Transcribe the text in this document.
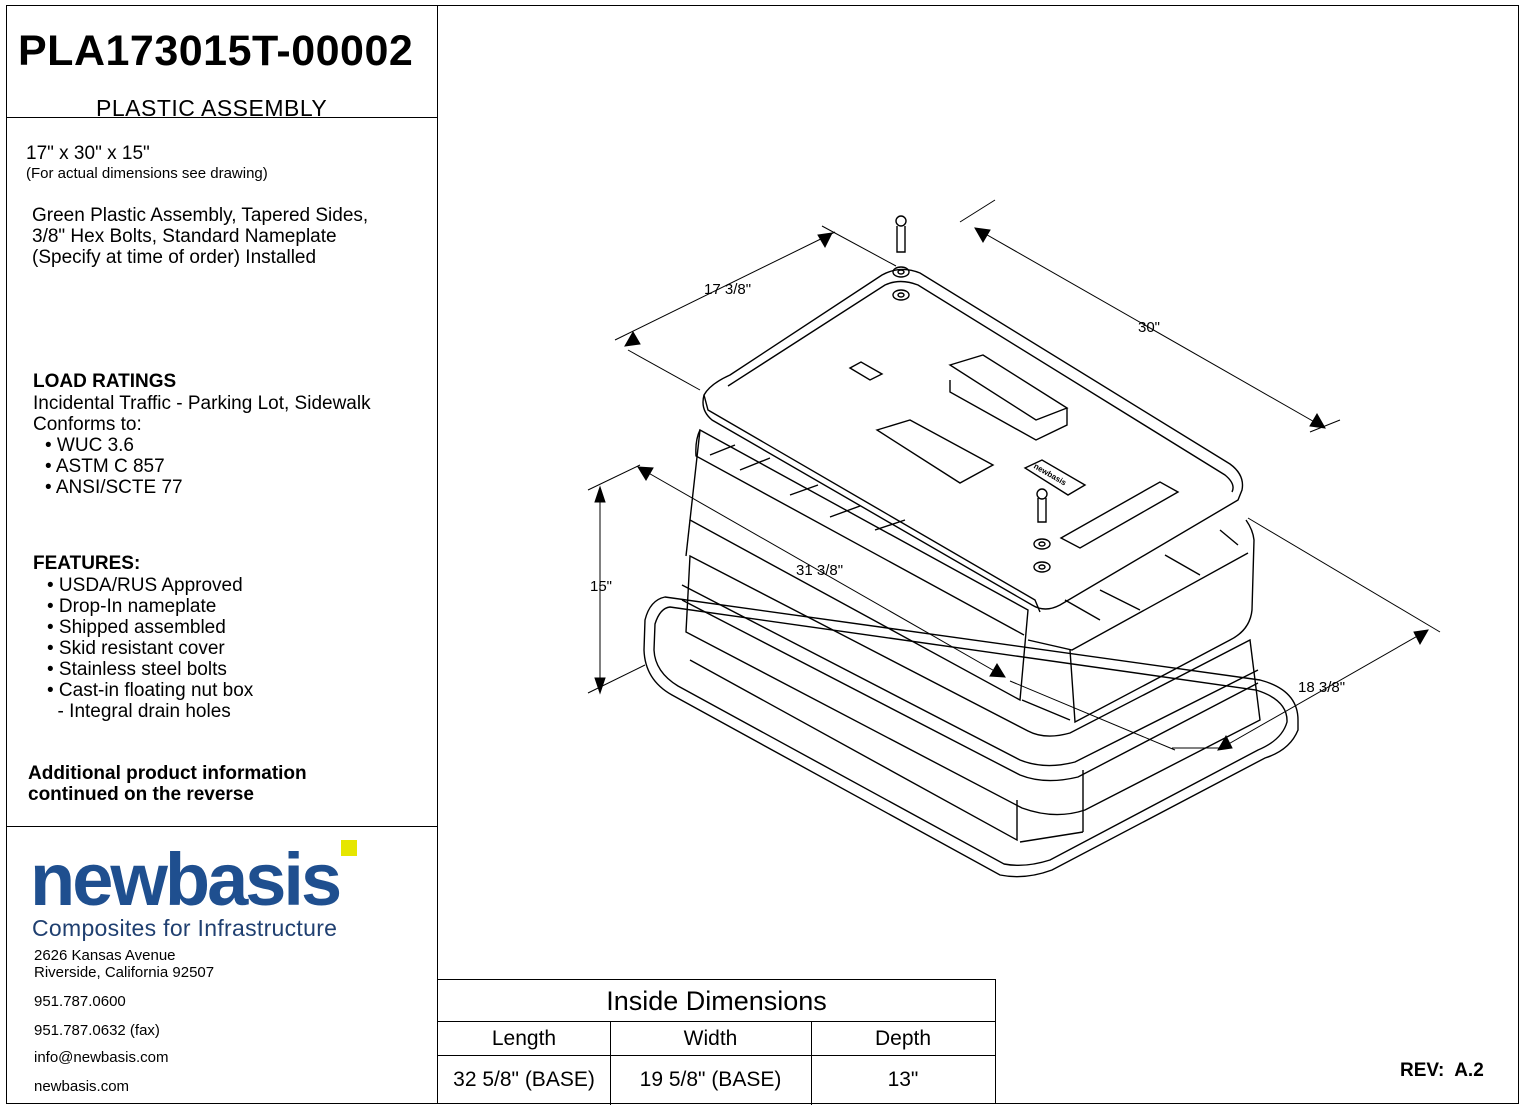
PLA173015T-00002
PLASTIC ASSEMBLY
17" x 30" x 15"
(For actual dimensions see drawing)
Green Plastic Assembly, Tapered Sides,
3/8" Hex Bolts, Standard Nameplate
(Specify at time of order) Installed
LOAD RATINGS
Incidental Traffic - Parking Lot, Sidewalk
Conforms to:
• WUC 3.6
• ASTM C 857
• ANSI/SCTE 77
FEATURES:
• USDA/RUS Approved
• Drop-In nameplate
• Shipped assembled
• Skid resistant cover
• Stainless steel bolts
• Cast-in floating nut box
- Integral drain holes
Additional product information
continued on the reverse
newbasis
Composites for Infrastructure
2626 Kansas Avenue
Riverside, California 92507
951.787.0600
951.787.0632 (fax)
info@newbasis.com
newbasis.com
17 3/8"
30"
15"
31 3/8"
18 3/8"
newbasis
Inside Dimensions
Length	Width	Depth
32 5/8" (BASE)	19 5/8" (BASE)	13"	REV:  A.2
